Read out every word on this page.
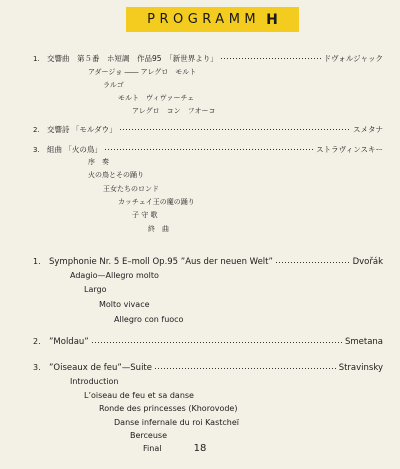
PROGRAMM H
1. 交響曲　第５番　ホ短調　作品95　「新世界より」	ドヴォルジャック
アダージョ ―― アレグロ　モルト
ラルゴ
モルト　ヴィヴァーチェ
アレグロ　コン　フオーコ
2. 交響詩 「モルダウ」	スメタナ
3. 組曲 「火の鳥」	ストラヴィンスキー
序　奏
火の鳥とその踊り
王女たちのロンド
カッチェイ王の魔の踊り
子 守 歌
終　曲
1. Symphonie Nr. 5 E–moll Op.95 ”Aus der neuen Welt”	Dvořák
Adagio—Allegro molto
Largo
Molto vivace
Allegro con fuoco
2. ”Moldau”	Smetana
3. ”Oiseaux de feu”—Suite	Stravinsky
Introduction
L’oiseau de feu et sa danse
Ronde des princesses (Khorovode)
Danse infernale du roi Kastcheï
Berceuse
Final	18
